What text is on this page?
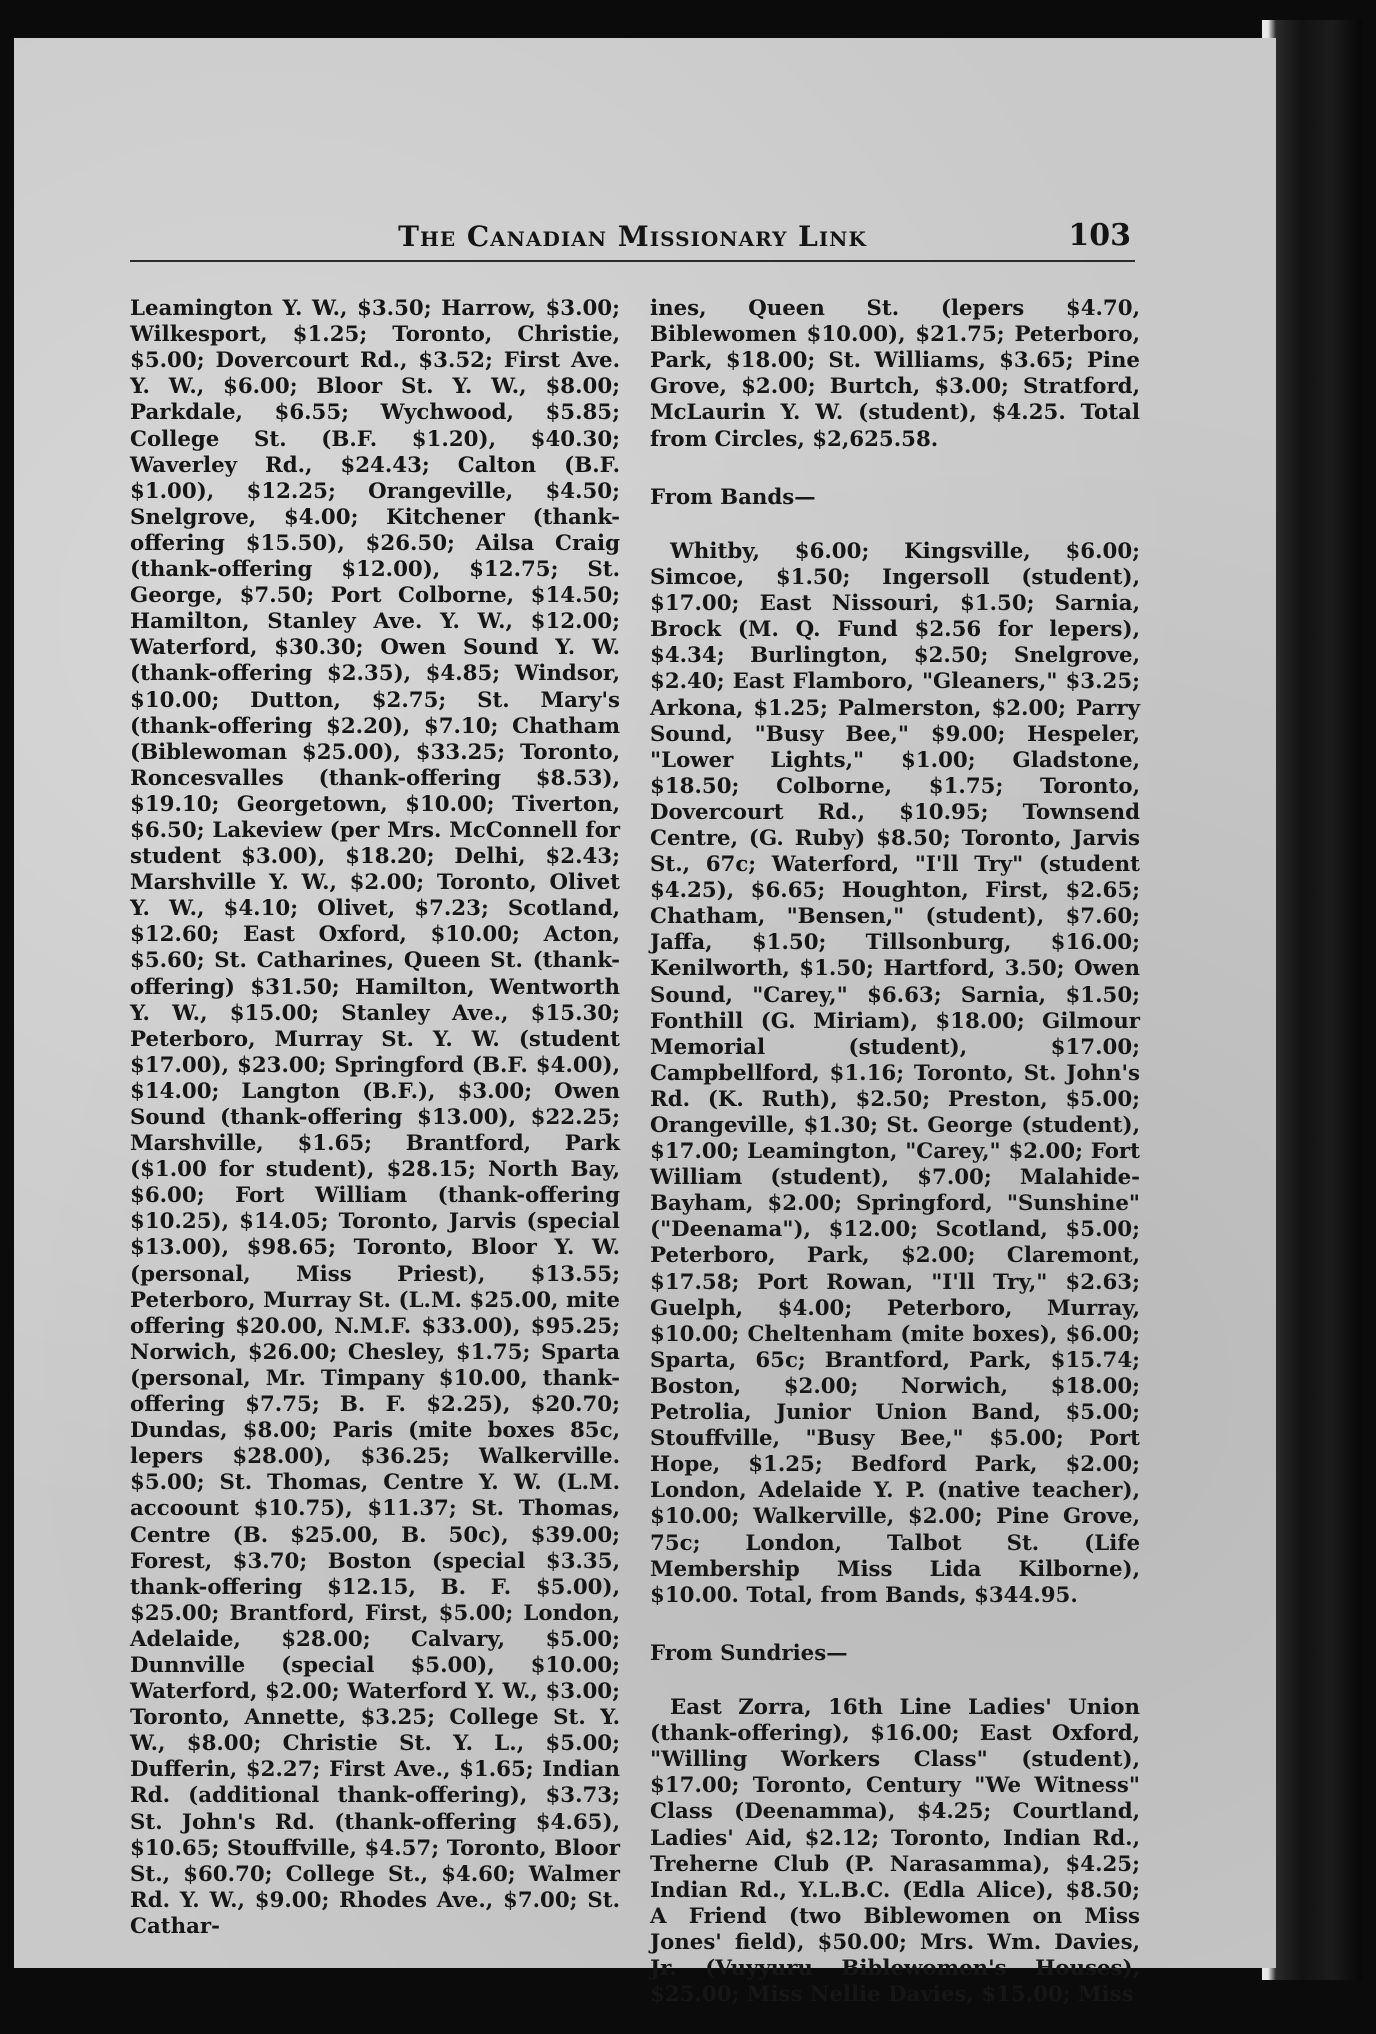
The Canadian Missionary Link	103

Leamington Y. W., $3.50; Harrow, $3.00; Wilkesport, $1.25; Toronto, Christie, $5.00; Dovercourt Rd., $3.52; First Ave. Y. W., $6.00; Bloor St. Y. W., $8.00; Parkdale, $6.55; Wychwood, $5.85; College St. (B.F. $1.20), $40.30; Waverley Rd., $24.43; Calton (B.F. $1.00), $12.25; Orangeville, $4.50; Snelgrove, $4.00; Kitchener (thank-offering $15.50), $26.50; Ailsa Craig (thank-offering $12.00), $12.75; St. George, $7.50; Port Colborne, $14.50; Hamilton, Stanley Ave. Y. W., $12.00; Waterford, $30.30; Owen Sound Y. W. (thank-offering $2.35), $4.85; Windsor, $10.00; Dutton, $2.75; St. Mary's (thank-offering $2.20), $7.10; Chatham (Biblewoman $25.00), $33.25; Toronto, Roncesvalles (thank-offering $8.53), $19.10; Georgetown, $10.00; Tiverton, $6.50; Lakeview (per Mrs. McConnell for student $3.00), $18.20; Delhi, $2.43; Marshville Y. W., $2.00; Toronto, Olivet Y. W., $4.10; Olivet, $7.23; Scotland, $12.60; East Oxford, $10.00; Acton, $5.60; St. Catharines, Queen St. (thank-offering) $31.50; Hamilton, Wentworth Y. W., $15.00; Stanley Ave., $15.30; Peterboro, Murray St. Y. W. (student $17.00), $23.00; Springford (B.F. $4.00), $14.00; Langton (B.F.), $3.00; Owen Sound (thank-offering $13.00), $22.25; Marshville, $1.65; Brantford, Park ($1.00 for student), $28.15; North Bay, $6.00; Fort William (thank-offering $10.25), $14.05; Toronto, Jarvis (special $13.00), $98.65; Toronto, Bloor Y. W. (personal, Miss Priest), $13.55; Peterboro, Murray St. (L.M. $25.00, mite offering $20.00, N.M.F. $33.00), $95.25; Norwich, $26.00; Chesley, $1.75; Sparta (personal, Mr. Timpany $10.00, thank-offering $7.75; B. F. $2.25), $20.70; Dundas, $8.00; Paris (mite boxes 85c, lepers $28.00), $36.25; Walkerville. $5.00; St. Thomas, Centre Y. W. (L.M. accoount $10.75), $11.37; St. Thomas, Centre (B. $25.00, B. 50c), $39.00; Forest, $3.70; Boston (special $3.35, thank-offering $12.15, B. F. $5.00), $25.00; Brantford, First, $5.00; London, Adelaide, $28.00; Calvary, $5.00; Dunnville (special $5.00), $10.00; Waterford, $2.00; Waterford Y. W., $3.00; Toronto, Annette, $3.25; College St. Y. W., $8.00; Christie St. Y. L., $5.00; Dufferin, $2.27; First Ave., $1.65; Indian Rd. (additional thank-offering), $3.73; St. John's Rd. (thank-offering $4.65), $10.65; Stouffville, $4.57; Toronto, Bloor St., $60.70; College St., $4.60; Walmer Rd. Y. W., $9.00; Rhodes Ave., $7.00; St. Cathar-

ines, Queen St. (lepers $4.70, Biblewomen $10.00), $21.75; Peterboro, Park, $18.00; St. Williams, $3.65; Pine Grove, $2.00; Burtch, $3.00; Stratford, McLaurin Y. W. (student), $4.25. Total from Circles, $2,625.58.

From Bands—

Whitby, $6.00; Kingsville, $6.00; Simcoe, $1.50; Ingersoll (student), $17.00; East Nissouri, $1.50; Sarnia, Brock (M. Q. Fund $2.56 for lepers), $4.34; Burlington, $2.50; Snelgrove, $2.40; East Flamboro, "Gleaners," $3.25; Arkona, $1.25; Palmerston, $2.00; Parry Sound, "Busy Bee," $9.00; Hespeler, "Lower Lights," $1.00; Gladstone, $18.50; Colborne, $1.75; Toronto, Dovercourt Rd., $10.95; Townsend Centre, (G. Ruby) $8.50; Toronto, Jarvis St., 67c; Waterford, "I'll Try" (student $4.25), $6.65; Houghton, First, $2.65; Chatham, "Bensen," (student), $7.60; Jaffa, $1.50; Tillsonburg, $16.00; Kenilworth, $1.50; Hartford, 3.50; Owen Sound, "Carey," $6.63; Sarnia, $1.50; Fonthill (G. Miriam), $18.00; Gilmour Memorial (student), $17.00; Campbellford, $1.16; Toronto, St. John's Rd. (K. Ruth), $2.50; Preston, $5.00; Orangeville, $1.30; St. George (student), $17.00; Leamington, "Carey," $2.00; Fort William (student), $7.00; Malahide-Bayham, $2.00; Springford, "Sunshine" ("Deenama"), $12.00; Scotland, $5.00; Peterboro, Park, $2.00; Claremont, $17.58; Port Rowan, "I'll Try," $2.63; Guelph, $4.00; Peterboro, Murray, $10.00; Cheltenham (mite boxes), $6.00; Sparta, 65c; Brantford, Park, $15.74; Boston, $2.00; Norwich, $18.00; Petrolia, Junior Union Band, $5.00; Stouffville, "Busy Bee," $5.00; Port Hope, $1.25; Bedford Park, $2.00; London, Adelaide Y. P. (native teacher), $10.00; Walkerville, $2.00; Pine Grove, 75c; London, Talbot St. (Life Membership Miss Lida Kilborne), $10.00. Total, from Bands, $344.95.

From Sundries—

East Zorra, 16th Line Ladies' Union (thank-offering), $16.00; East Oxford, "Willing Workers Class" (student), $17.00; Toronto, Century "We Witness" Class (Deenamma), $4.25; Courtland, Ladies' Aid, $2.12; Toronto, Indian Rd., Treherne Club (P. Narasamma), $4.25; Indian Rd., Y.L.B.C. (Edla Alice), $8.50; A Friend (two Biblewomen on Miss Jones' field), $50.00; Mrs. Wm. Davies, Jr. (Vuyyuru Biblewomen's Houses), $25.00; Miss Nellie Davies, $15.00; Miss
